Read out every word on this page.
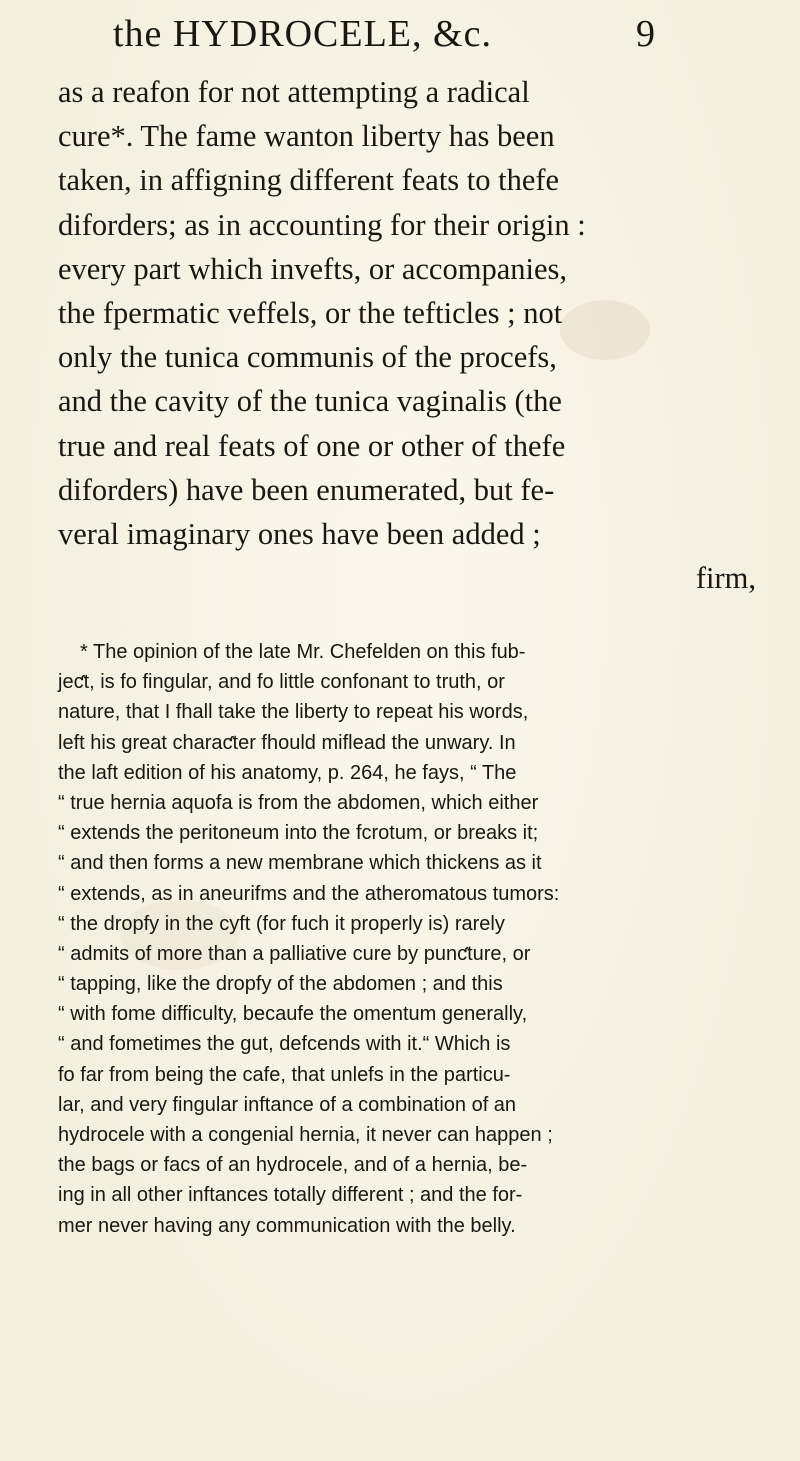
the HYDROCELE, &c.	9
as a reafon for not attempting a radical
cure*. The fame wanton liberty has been
taken, in affigning different feats to thefe
diforders; as in accounting for their origin :
every part which invefts, or accompanies,
the fpermatic veffels, or the tefticles ; not
only the tunica communis of the procefs,
and the cavity of the tunica vaginalis (the
true and real feats of one or other of thefe
diforders) have been enumerated, but fe-
veral imaginary ones have been added ;
firm,
* The opinion of the late Mr. Chefelden on this fub-
jeƈt, is fo fingular, and fo little confonant to truth, or
nature, that I fhall take the liberty to repeat his words,
left his great charaƈter fhould miflead the unwary. In
the laft edition of his anatomy, p. 264, he fays, “ The
“ true hernia aquofa is from the abdomen, which either
“ extends the peritoneum into the fcrotum, or breaks it;
“ and then forms a new membrane which thickens as it
“ extends, as in aneurifms and the atheromatous tumors:
“ the dropfy in the cyft (for fuch it properly is) rarely
“ admits of more than a palliative cure by punƈture, or
“ tapping, like the dropfy of the abdomen ; and this
“ with fome difficulty, becaufe the omentum generally,
“ and fometimes the gut, defcends with it.“ Which is
fo far from being the cafe, that unlefs in the particu-
lar, and very fingular inftance of a combination of an
hydrocele with a congenial hernia, it never can happen ;
the bags or facs of an hydrocele, and of a hernia, be-
ing in all other inftances totally different ; and the for-
mer never having any communication with the belly.
